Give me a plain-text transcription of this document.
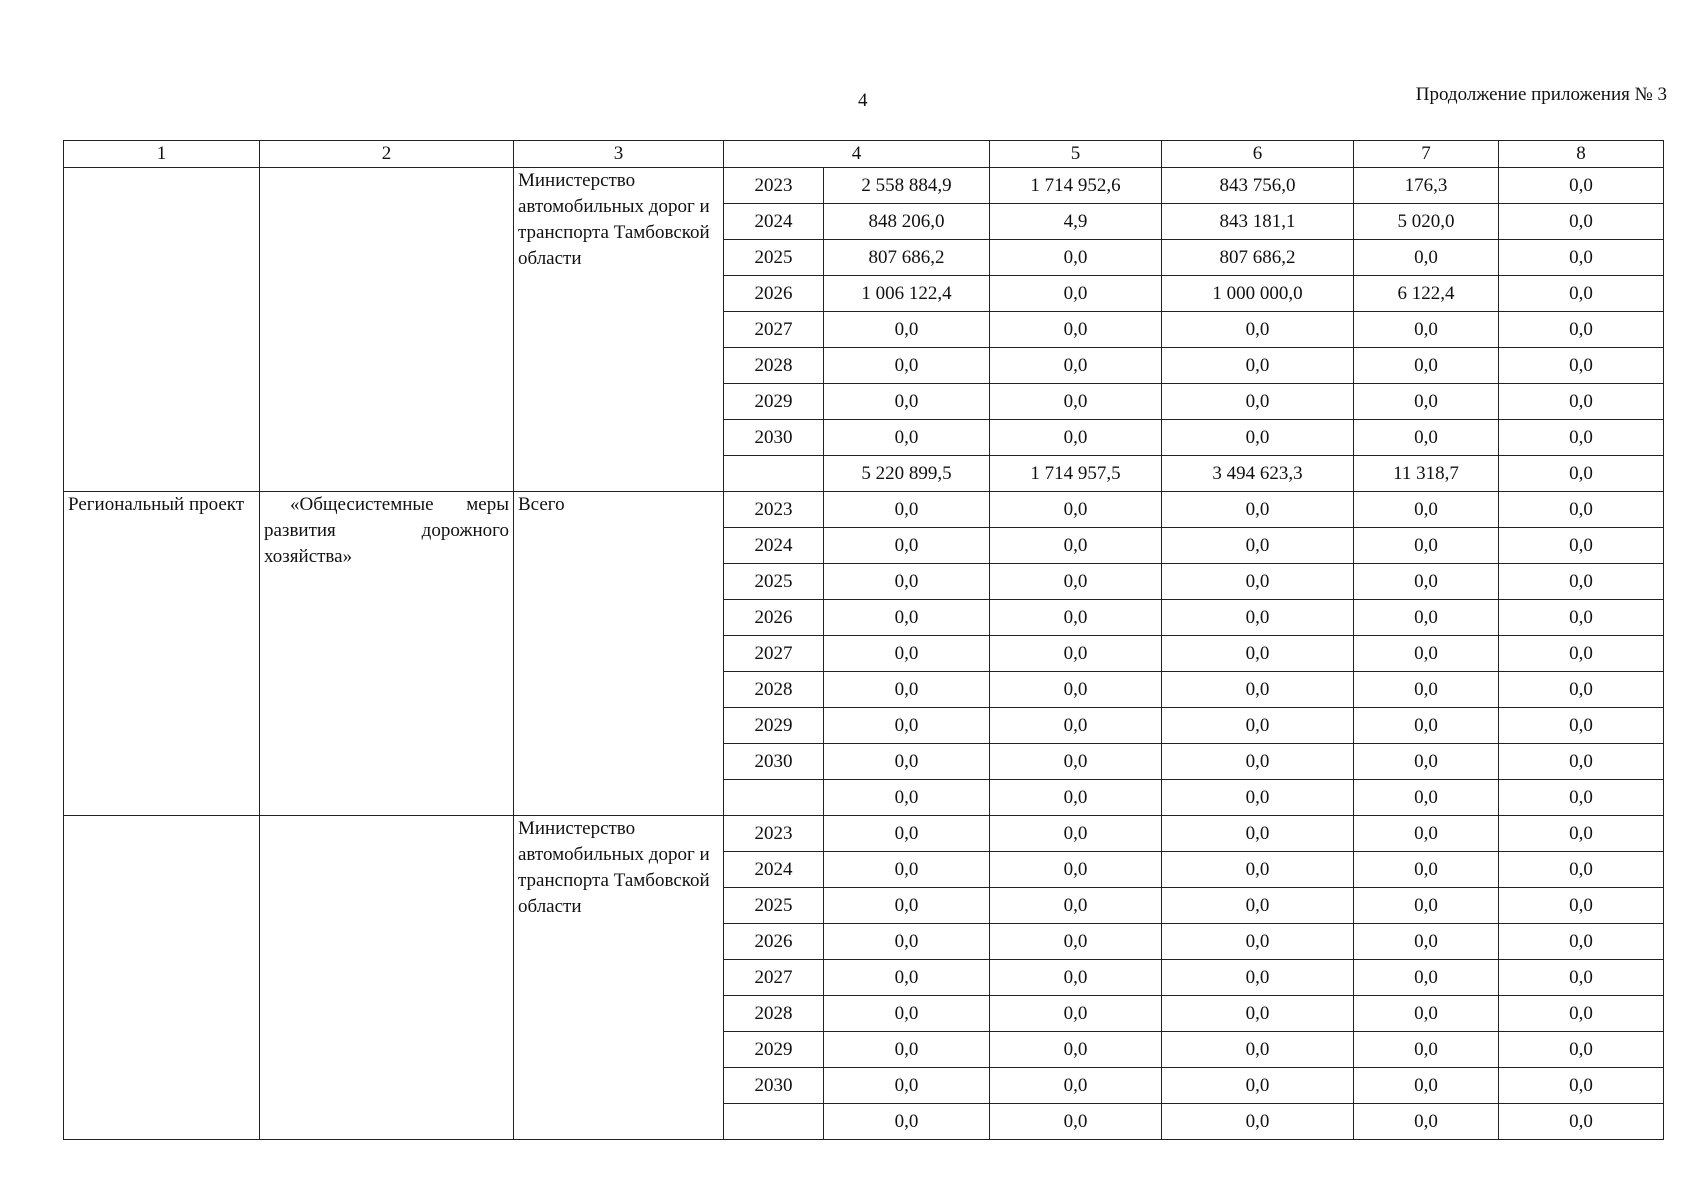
4	Продолжение приложения № 3
1	2	3	4		5	6	7	8
		Министерство автомобильных дорог и транспорта Тамбовской области	2023	2 558 884,9	1 714 952,6	843 756,0	176,3	0,0
			2024	848 206,0	4,9	843 181,1	5 020,0	0,0
			2025	807 686,2	0,0	807 686,2	0,0	0,0
			2026	1 006 122,4	0,0	1 000 000,0	6 122,4	0,0
			2027	0,0	0,0	0,0	0,0	0,0
			2028	0,0	0,0	0,0	0,0	0,0
			2029	0,0	0,0	0,0	0,0	0,0
			2030	0,0	0,0	0,0	0,0	0,0
				5 220 899,5	1 714 957,5	3 494 623,3	11 318,7	0,0
Региональный проект	«Общесистемные меры развития дорожного хозяйства»	Всего	2023	0,0	0,0	0,0	0,0	0,0
			2024	0,0	0,0	0,0	0,0	0,0
			2025	0,0	0,0	0,0	0,0	0,0
			2026	0,0	0,0	0,0	0,0	0,0
			2027	0,0	0,0	0,0	0,0	0,0
			2028	0,0	0,0	0,0	0,0	0,0
			2029	0,0	0,0	0,0	0,0	0,0
			2030	0,0	0,0	0,0	0,0	0,0
				0,0	0,0	0,0	0,0	0,0
		Министерство автомобильных дорог и транспорта Тамбовской области	2023	0,0	0,0	0,0	0,0	0,0
			2024	0,0	0,0	0,0	0,0	0,0
			2025	0,0	0,0	0,0	0,0	0,0
			2026	0,0	0,0	0,0	0,0	0,0
			2027	0,0	0,0	0,0	0,0	0,0
			2028	0,0	0,0	0,0	0,0	0,0
			2029	0,0	0,0	0,0	0,0	0,0
			2030	0,0	0,0	0,0	0,0	0,0
				0,0	0,0	0,0	0,0	0,0
